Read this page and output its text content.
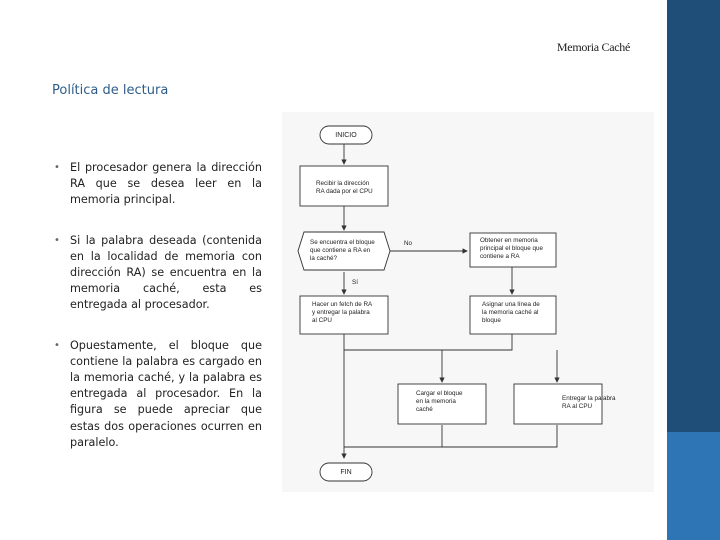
Memoria Caché
Política de lectura
• El procesador genera la dirección RA que se desea leer en la memoria principal.
• Si la palabra deseada (contenida en la localidad de memoria con dirección RA) se encuentra en la memoria caché, esta es entregada al procesador.
• Opuestamente, el bloque que contiene la palabra es cargado en la memoria caché, y la palabra es entregada al procesador. En la figura se puede apreciar que estas dos operaciones ocurren en paralelo.
INICIO
Recibir la dirección
RA dada por el CPU
Se encuentra el bloque
que contiene a RA en
la caché?
No
Sí
Obtener en memoria
principal el bloque que
contiene a RA
Hacer un fetch de RA
y entregar la palabra
al CPU
Asignar una línea de
la memoria caché al
bloque
Cargar el bloque
en la memoria
caché
Entregar la palabra
RA al CPU
FIN
